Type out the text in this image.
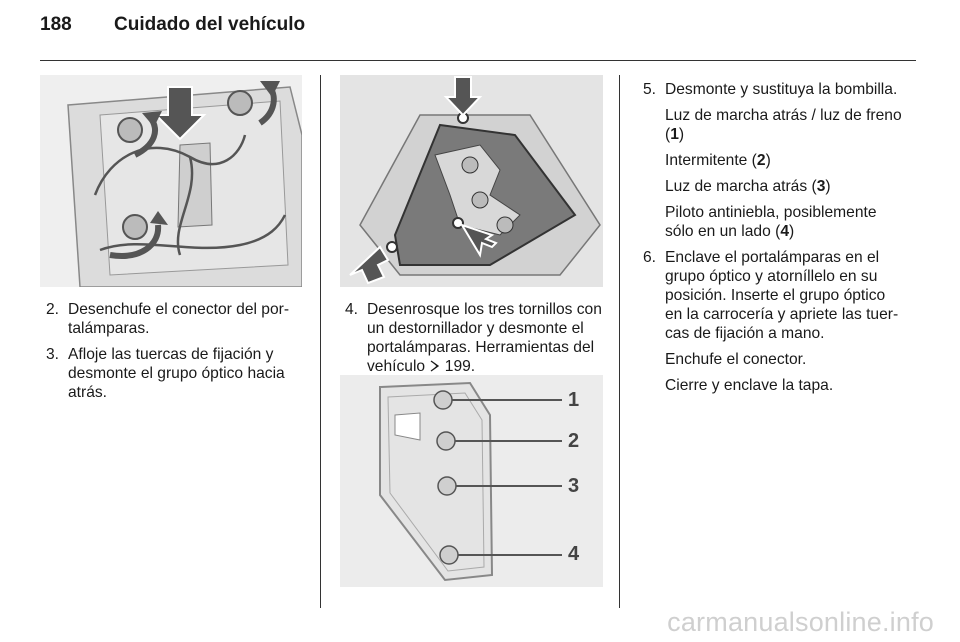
188 Cuidado del vehículo
1
2
3
4
2. Desenchufe el conector del por‐ talámparas.
3. Afloje las tuercas de fijación y desmonte el grupo óptico hacia atrás.
4. Desenrosque los tres tornillos con un destornillador y desmonte el portalámparas. Herramientas del vehículo 199.
5. Desmonte y sustituya la bombilla.
Luz de marcha atrás / luz de freno (1)
Intermitente (2)
Luz de marcha atrás (3)
Piloto antiniebla, posiblemente sólo en un lado (4)
6. Enclave el portalámparas en el grupo óptico y atorníllelo en su posición. Inserte el grupo óptico en la carrocería y apriete las tuer‐ cas de fijación a mano.
Enchufe el conector.
Cierre y enclave la tapa.
carmanualsonline.info
